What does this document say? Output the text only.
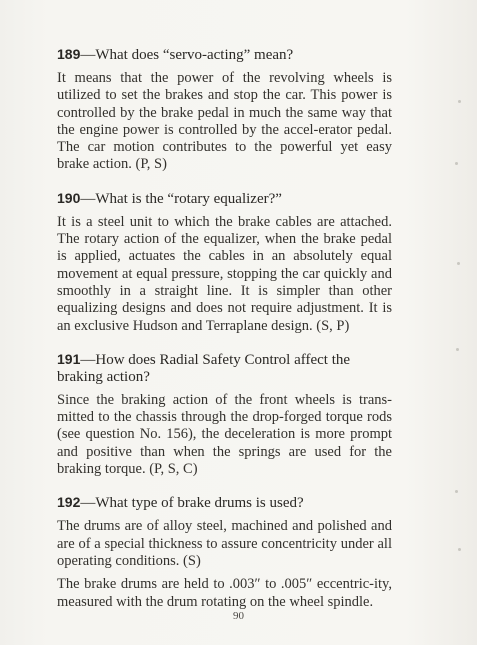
189—What does “servo-acting” mean?

It means that the power of the revolving wheels is utilized to set the brakes and stop the car. This power is controlled by the brake pedal in much the same way that the engine power is controlled by the accel-erator pedal. The car motion contributes to the powerful yet easy brake action. (P, S)

190—What is the “rotary equalizer?”

It is a steel unit to which the brake cables are attached. The rotary action of the equalizer, when the brake pedal is applied, actuates the cables in an absolutely equal movement at equal pressure, stopping the car quickly and smoothly in a straight line. It is simpler than other equalizing designs and does not require adjustment. It is an exclusive Hudson and Terraplane design. (S, P)

191—How does Radial Safety Control affect the braking action?

Since the braking action of the front wheels is trans-mitted to the chassis through the drop-forged torque rods (see question No. 156), the deceleration is more prompt and positive than when the springs are used for the braking torque. (P, S, C)

192—What type of brake drums is used?

The drums are of alloy steel, machined and polished and are of a special thickness to assure concentricity under all operating conditions. (S)

The brake drums are held to .003″ to .005″ eccentric-ity, measured with the drum rotating on the wheel spindle.

90
